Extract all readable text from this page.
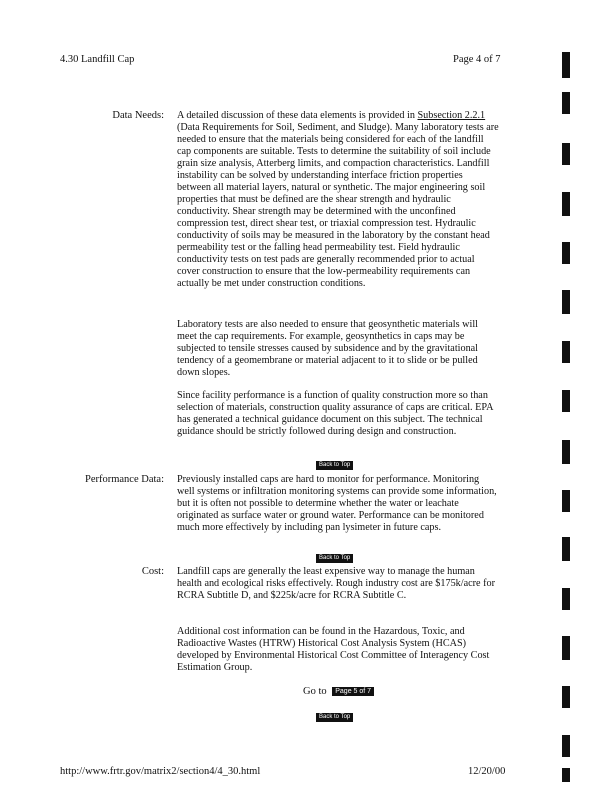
4.30 Landfill Cap	Page 4 of 7
Data Needs: A detailed discussion of these data elements is provided in Subsection 2.2.1 (Data Requirements for Soil, Sediment, and Sludge). Many laboratory tests are needed to ensure that the materials being considered for each of the landfill cap components are suitable. Tests to determine the suitability of soil include grain size analysis, Atterberg limits, and compaction characteristics. Landfill instability can be solved by understanding interface friction properties between all material layers, natural or synthetic. The major engineering soil properties that must be defined are the shear strength and hydraulic conductivity. Shear strength may be determined with the unconfined compression test, direct shear test, or triaxial compression test. Hydraulic conductivity of soils may be measured in the laboratory by the constant head permeability test or the falling head permeability test. Field hydraulic conductivity tests on test pads are generally recommended prior to actual cover construction to ensure that the low-permeability requirements can actually be met under construction conditions.

Laboratory tests are also needed to ensure that geosynthetic materials will meet the cap requirements. For example, geosynthetics in caps may be subjected to tensile stresses caused by subsidence and by the gravitational tendency of a geomembrane or material adjacent to it to slide or be pulled down slopes.
Since facility performance is a function of quality construction more so than selection of materials, construction quality assurance of caps are critical. EPA has generated a technical guidance document on this subject. The technical guidance should be strictly followed during design and construction.
Back to Top
Performance Data: Previously installed caps are hard to monitor for performance. Monitoring well systems or infiltration monitoring systems can provide some information, but it is often not possible to determine whether the water or leachate originated as surface water or ground water. Performance can be monitored much more effectively by including pan lysimeter in future caps.
Back to Top
Cost: Landfill caps are generally the least expensive way to manage the human health and ecological risks effectively. Rough industry cost are $175k/acre for RCRA Subtitle D, and $225k/acre for RCRA Subtitle C.
Additional cost information can be found in the Hazardous, Toxic, and Radioactive Wastes (HTRW) Historical Cost Analysis System (HCAS) developed by Environmental Historical Cost Committee of Interagency Cost Estimation Group.
Go to Page 5 of 7
Back to Top
http://www.frtr.gov/matrix2/section4/4_30.html	12/20/00
